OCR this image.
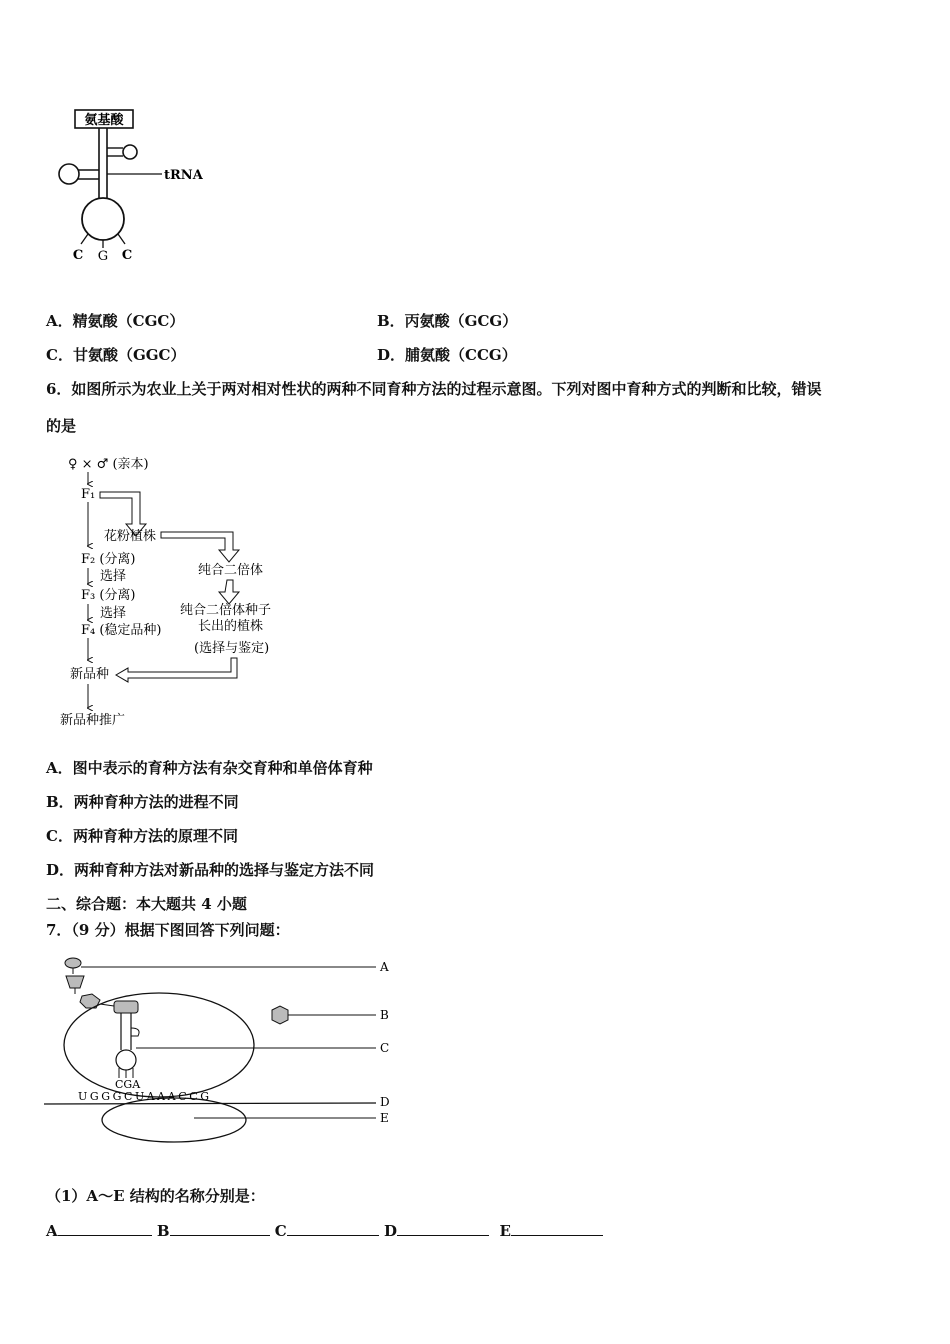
氨基酸
tRNA
C G C
A．精氨酸（CGC）	B．丙氨酸（GCG）
C．甘氨酸（GGC）	D．脯氨酸（CCG）
6．如图所示为农业上关于两对相对性状的两种不同育种方法的过程示意图。下列对图中育种方式的判断和比较，错误
的是
♀ × ♂ (亲本)
F₁
花粉植株
F₂ (分离)
选择	纯合二倍体
F₃ (分离)
选择	纯合二倍体种子
长出的植株
F₄ (稳定品种)
(选择与鉴定)
新品种
新品种推广
A．图中表示的育种方法有杂交育种和单倍体育种
B．两种育种方法的进程不同
C．两种育种方法的原理不同
D．两种育种方法对新品种的选择与鉴定方法不同
二、综合题：本大题共 4 小题
7．（9 分）根据下图回答下列问题：
A
CGA
C
B
UGGGCUAAACCG	D
E
（1）A～E 结构的名称分别是：
A	B	C	D	E
